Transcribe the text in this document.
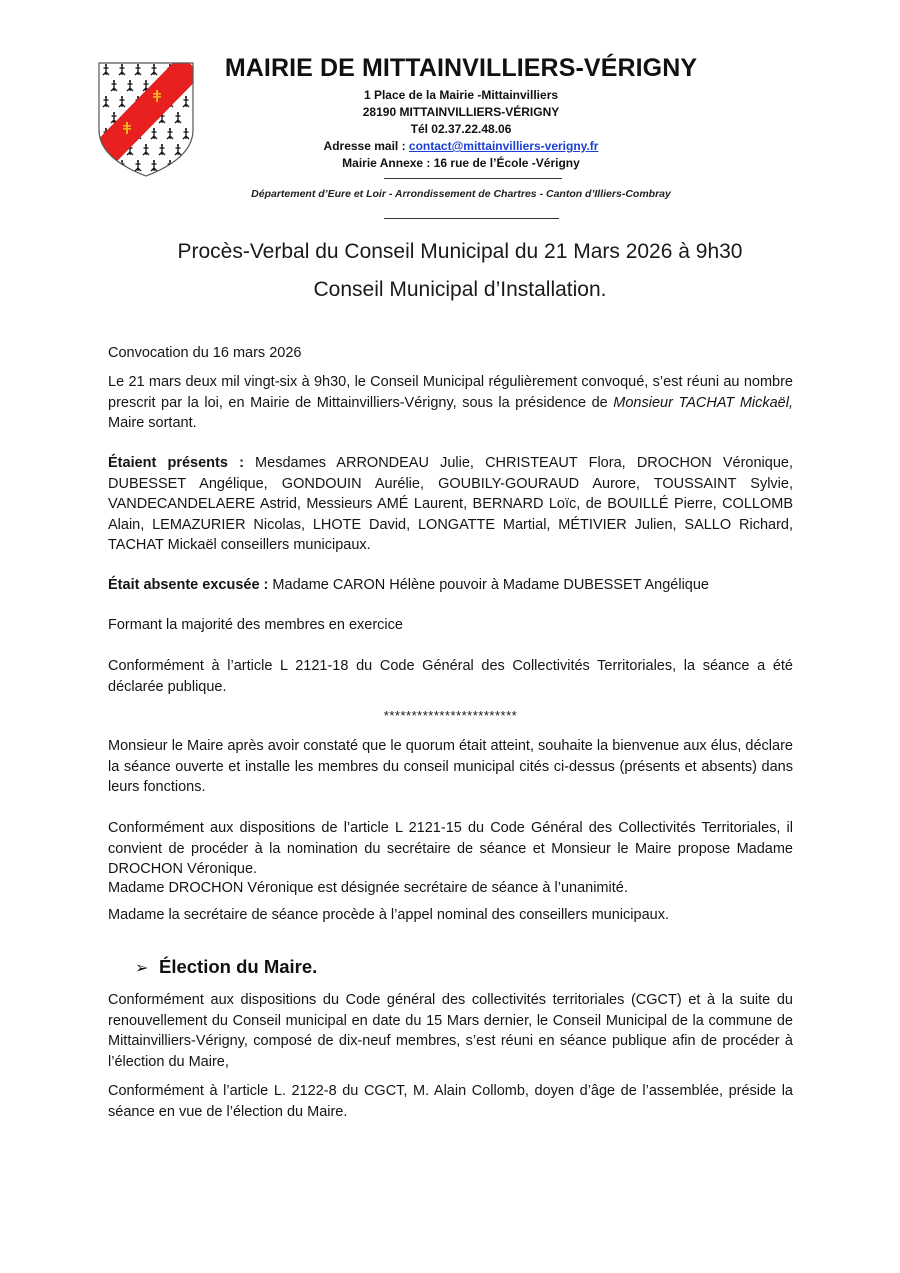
MAIRIE DE MITTAINVILLIERS-VÉRIGNY
1 Place de la Mairie -Mittainvilliers
28190 MITTAINVILLIERS-VÉRIGNY
Tél 02.37.22.48.06
Adresse mail : contact@mittainvilliers-verigny.fr
Mairie Annexe : 16 rue de l’École -Vérigny
Département d’Eure et Loir - Arrondissement de Chartres - Canton d’Illiers-Combray
Procès-Verbal du Conseil Municipal du 21 Mars 2026 à 9h30
Conseil Municipal d’Installation.
Convocation du 16 mars 2026
Le 21 mars deux mil vingt-six à 9h30, le Conseil Municipal régulièrement convoqué, s’est réuni au nombre prescrit par la loi, en Mairie de Mittainvilliers-Vérigny, sous la présidence de Monsieur TACHAT Mickaël, Maire sortant.
Étaient présents : Mesdames ARRONDEAU Julie, CHRISTEAUT Flora, DROCHON Véronique, DUBESSET Angélique, GONDOUIN Aurélie, GOUBILY-GOURAUD Aurore, TOUSSAINT Sylvie, VANDECANDELAERE Astrid, Messieurs AMÉ Laurent, BERNARD Loïc, de BOUILLÉ Pierre, COLLOMB Alain, LEMAZURIER Nicolas, LHOTE David, LONGATTE Martial, MÉTIVIER Julien, SALLO Richard, TACHAT Mickaël conseillers municipaux.
Était absente excusée : Madame CARON Hélène pouvoir à Madame DUBESSET Angélique
Formant la majorité des membres en exercice
Conformément à l’article L 2121-18 du Code Général des Collectivités Territoriales, la séance a été déclarée publique.
************************
Monsieur le Maire après avoir constaté que le quorum était atteint, souhaite la bienvenue aux élus, déclare la séance ouverte et installe les membres du conseil municipal cités ci-dessus (présents et absents) dans leurs fonctions.
Conformément aux dispositions de l’article L 2121-15 du Code Général des Collectivités Territoriales, il convient de procéder à la nomination du secrétaire de séance et Monsieur le Maire propose Madame DROCHON Véronique.
Madame DROCHON Véronique est désignée secrétaire de séance à l’unanimité.
Madame la secrétaire de séance procède à l’appel nominal des conseillers municipaux.
Conformément aux dispositions du Code général des collectivités territoriales (CGCT) et à la suite du renouvellement du Conseil municipal en date du 15 Mars dernier, le Conseil Municipal de la commune de Mittainvilliers-Vérigny, composé de dix-neuf membres, s’est réuni en séance publique afin de procéder à l’élection du Maire,
Conformément à l’article L. 2122-8 du CGCT, M. Alain Collomb, doyen d’âge de l’assemblée, préside la séance en vue de l’élection du Maire.
➢ Élection du Maire.
